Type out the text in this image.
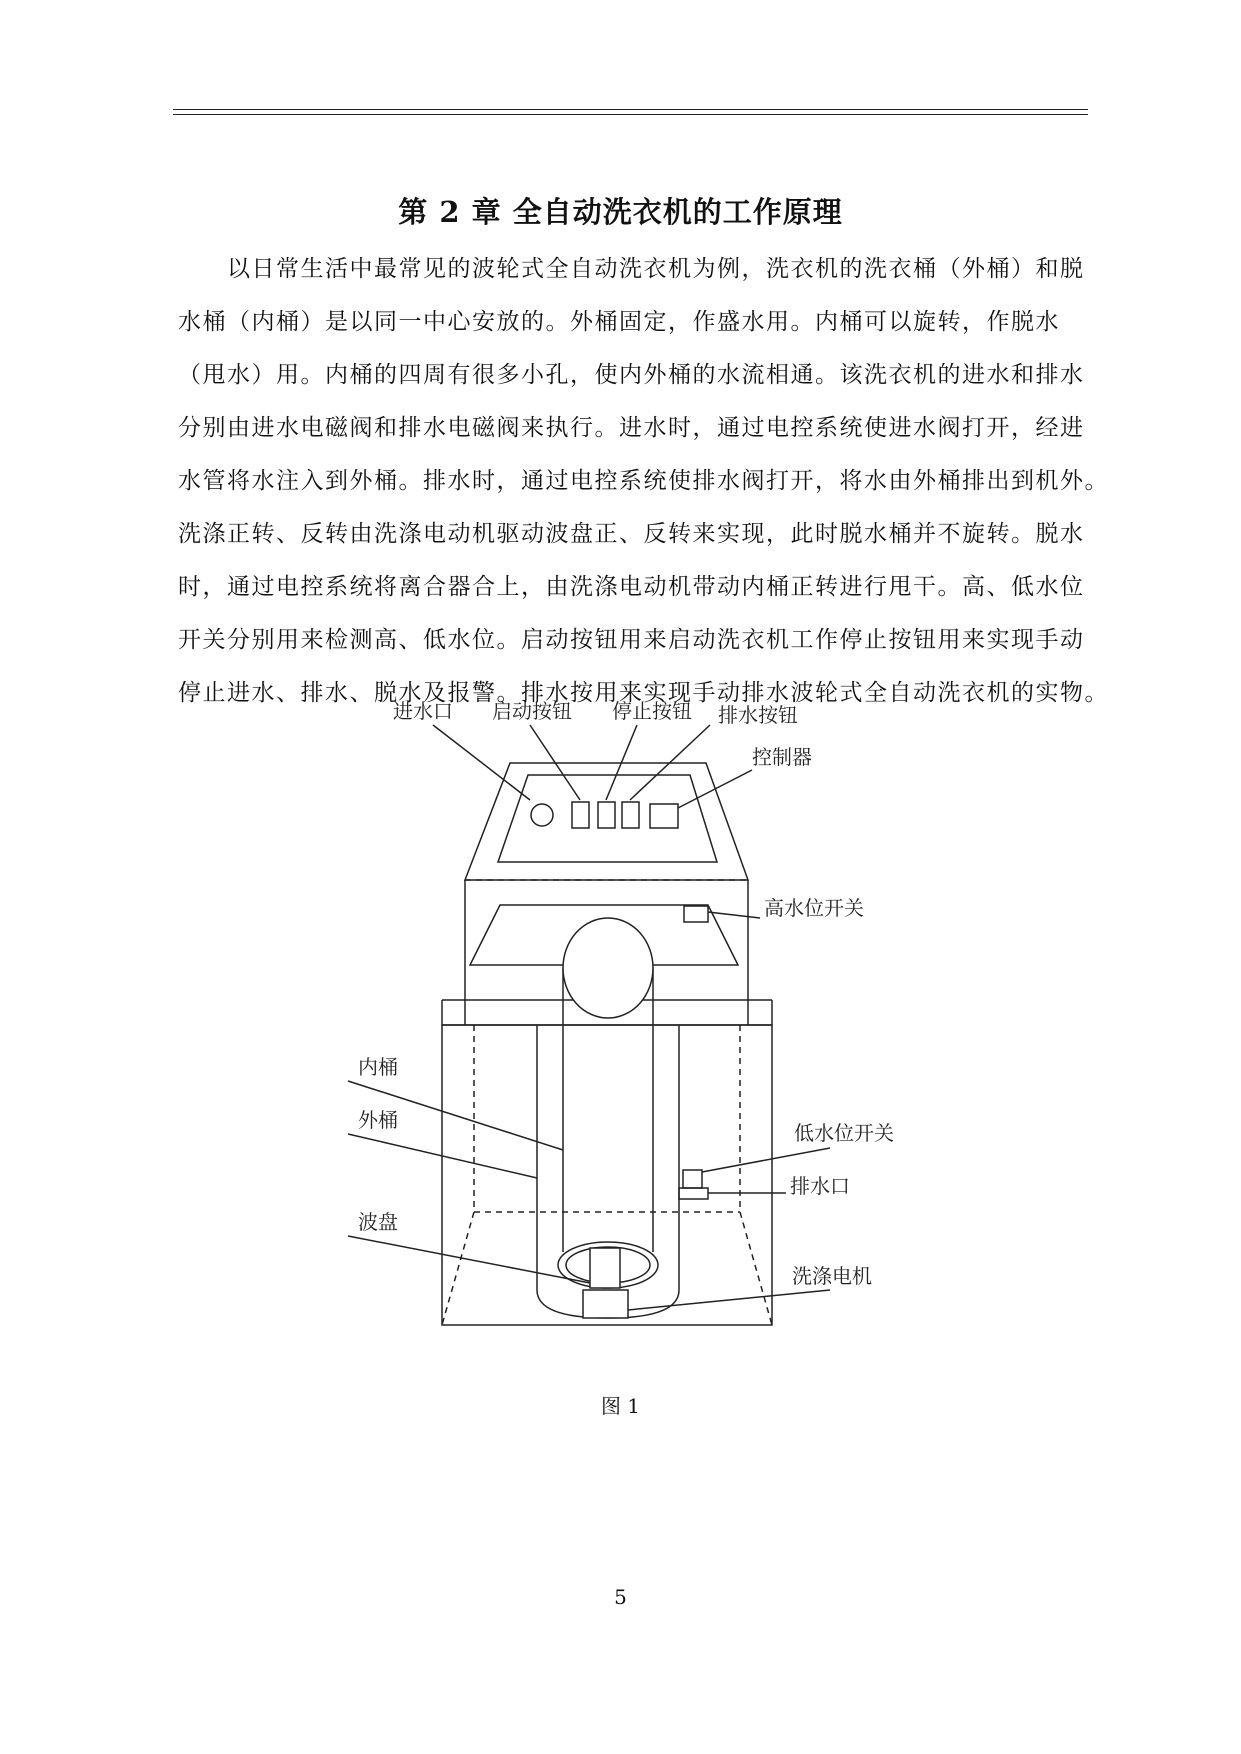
第 2 章 全自动洗衣机的工作原理
　　以日常生活中最常见的波轮式全自动洗衣机为例，洗衣机的洗衣桶（外桶）和脱
水桶（内桶）是以同一中心安放的。外桶固定，作盛水用。内桶可以旋转，作脱水
（甩水）用。内桶的四周有很多小孔，使内外桶的水流相通。该洗衣机的进水和排水
分别由进水电磁阀和排水电磁阀来执行。进水时，通过电控系统使进水阀打开，经进
水管将水注入到外桶。排水时，通过电控系统使排水阀打开，将水由外桶排出到机外。
洗涤正转、反转由洗涤电动机驱动波盘正、反转来实现，此时脱水桶并不旋转。脱水
时，通过电控系统将离合器合上，由洗涤电动机带动内桶正转进行甩干。高、低水位
开关分别用来检测高、低水位。启动按钮用来启动洗衣机工作停止按钮用来实现手动
停止进水、排水、脱水及报警。排水按用来实现手动排水波轮式全自动洗衣机的实物。
进水口 启动按钮 停止按钮 排水按钮
控制器
高水位开关
内桶
外桶
低水位开关
排水口
波盘
洗涤电机
图 1
5
